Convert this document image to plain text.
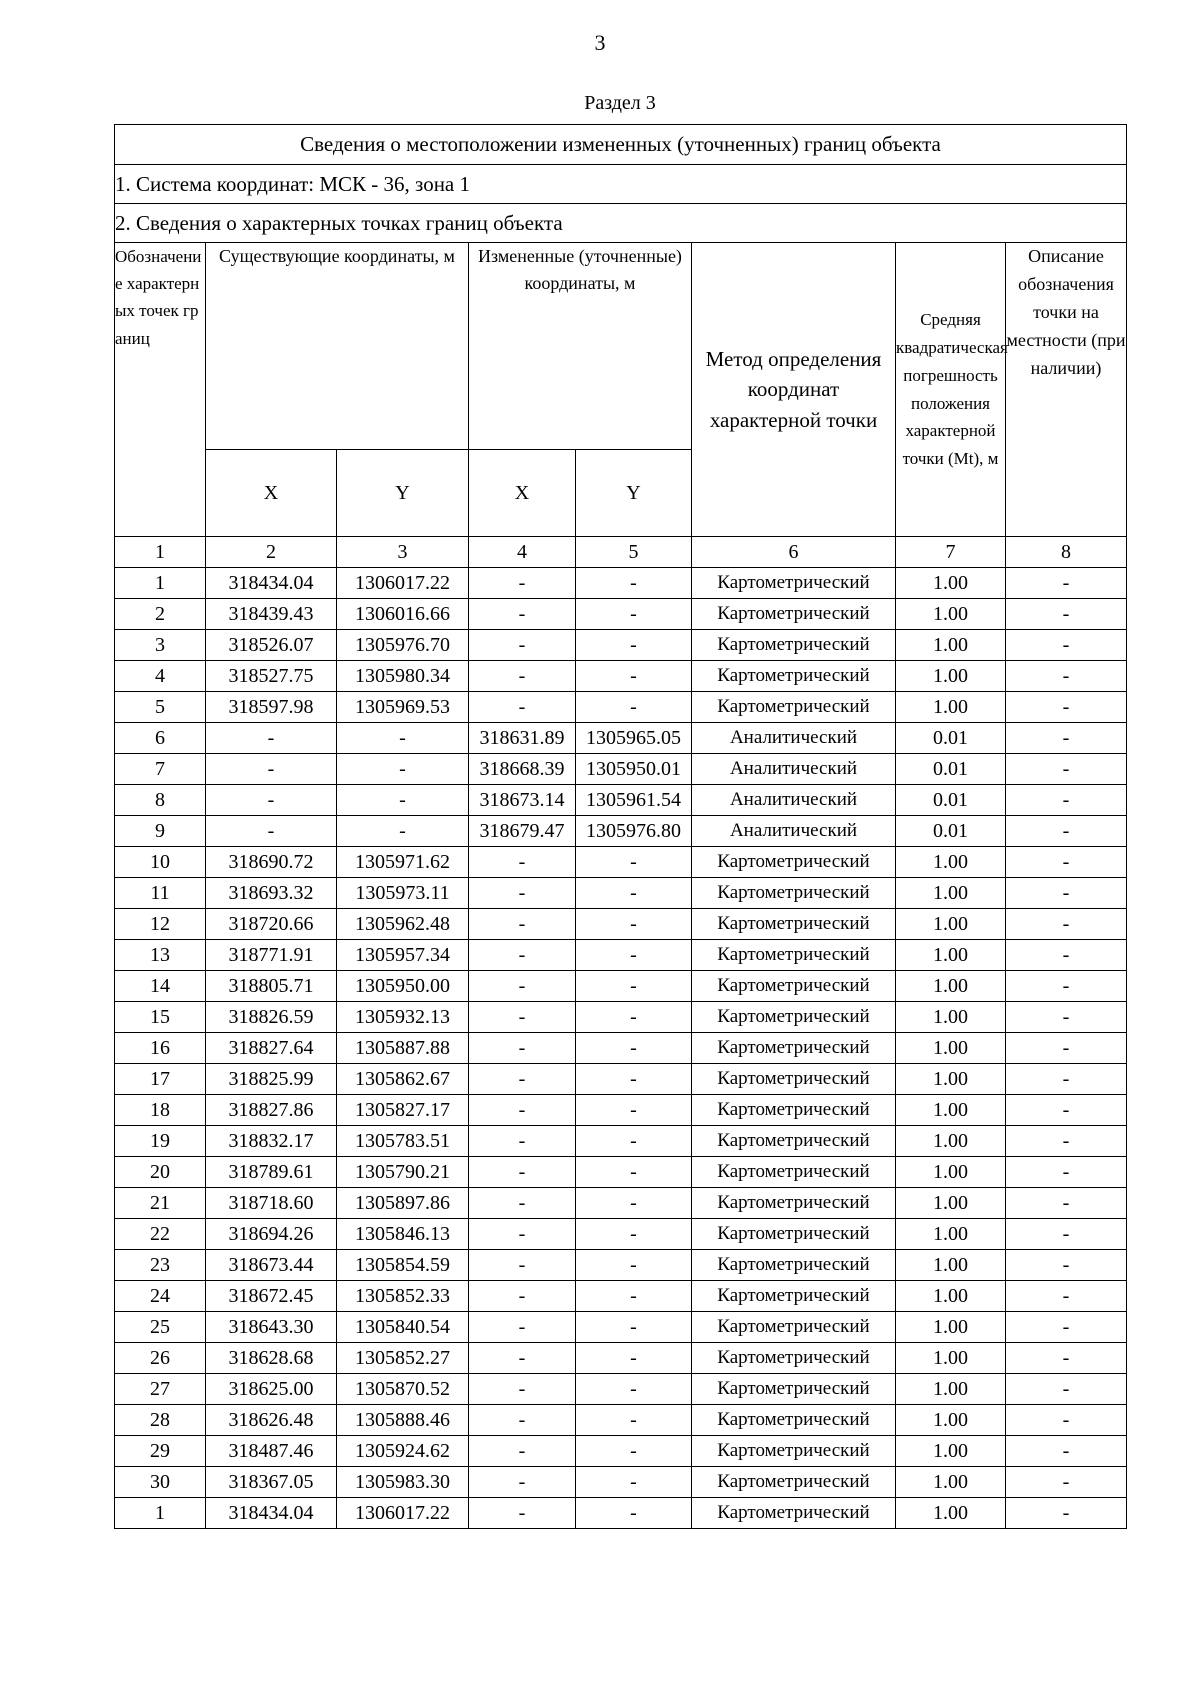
3
Раздел 3
Сведения о местоположении измененных (уточненных) границ объекта							
1. Система координат: МСК - 36, зона 1							
2. Сведения о характерных точках границ объекта							
Обозначение характерных точек границ	Существующие координаты, м		Измененные (уточненные) координаты, м		Метод определения координат характерной точки	Средняя квадратическая погрешность положения характерной точки (Mt), м	Описание обозначения точки на местности (при наличии)
	X	Y	X	Y			
1	2	3	4	5	6	7	8
1	318434.04	1306017.22	-	-	Картометрический	1.00	-
2	318439.43	1306016.66	-	-	Картометрический	1.00	-
3	318526.07	1305976.70	-	-	Картометрический	1.00	-
4	318527.75	1305980.34	-	-	Картометрический	1.00	-
5	318597.98	1305969.53	-	-	Картометрический	1.00	-
6	-	-	318631.89	1305965.05	Аналитический	0.01	-
7	-	-	318668.39	1305950.01	Аналитический	0.01	-
8	-	-	318673.14	1305961.54	Аналитический	0.01	-
9	-	-	318679.47	1305976.80	Аналитический	0.01	-
10	318690.72	1305971.62	-	-	Картометрический	1.00	-
11	318693.32	1305973.11	-	-	Картометрический	1.00	-
12	318720.66	1305962.48	-	-	Картометрический	1.00	-
13	318771.91	1305957.34	-	-	Картометрический	1.00	-
14	318805.71	1305950.00	-	-	Картометрический	1.00	-
15	318826.59	1305932.13	-	-	Картометрический	1.00	-
16	318827.64	1305887.88	-	-	Картометрический	1.00	-
17	318825.99	1305862.67	-	-	Картометрический	1.00	-
18	318827.86	1305827.17	-	-	Картометрический	1.00	-
19	318832.17	1305783.51	-	-	Картометрический	1.00	-
20	318789.61	1305790.21	-	-	Картометрический	1.00	-
21	318718.60	1305897.86	-	-	Картометрический	1.00	-
22	318694.26	1305846.13	-	-	Картометрический	1.00	-
23	318673.44	1305854.59	-	-	Картометрический	1.00	-
24	318672.45	1305852.33	-	-	Картометрический	1.00	-
25	318643.30	1305840.54	-	-	Картометрический	1.00	-
26	318628.68	1305852.27	-	-	Картометрический	1.00	-
27	318625.00	1305870.52	-	-	Картометрический	1.00	-
28	318626.48	1305888.46	-	-	Картометрический	1.00	-
29	318487.46	1305924.62	-	-	Картометрический	1.00	-
30	318367.05	1305983.30	-	-	Картометрический	1.00	-
1	318434.04	1306017.22	-	-	Картометрический	1.00	-
